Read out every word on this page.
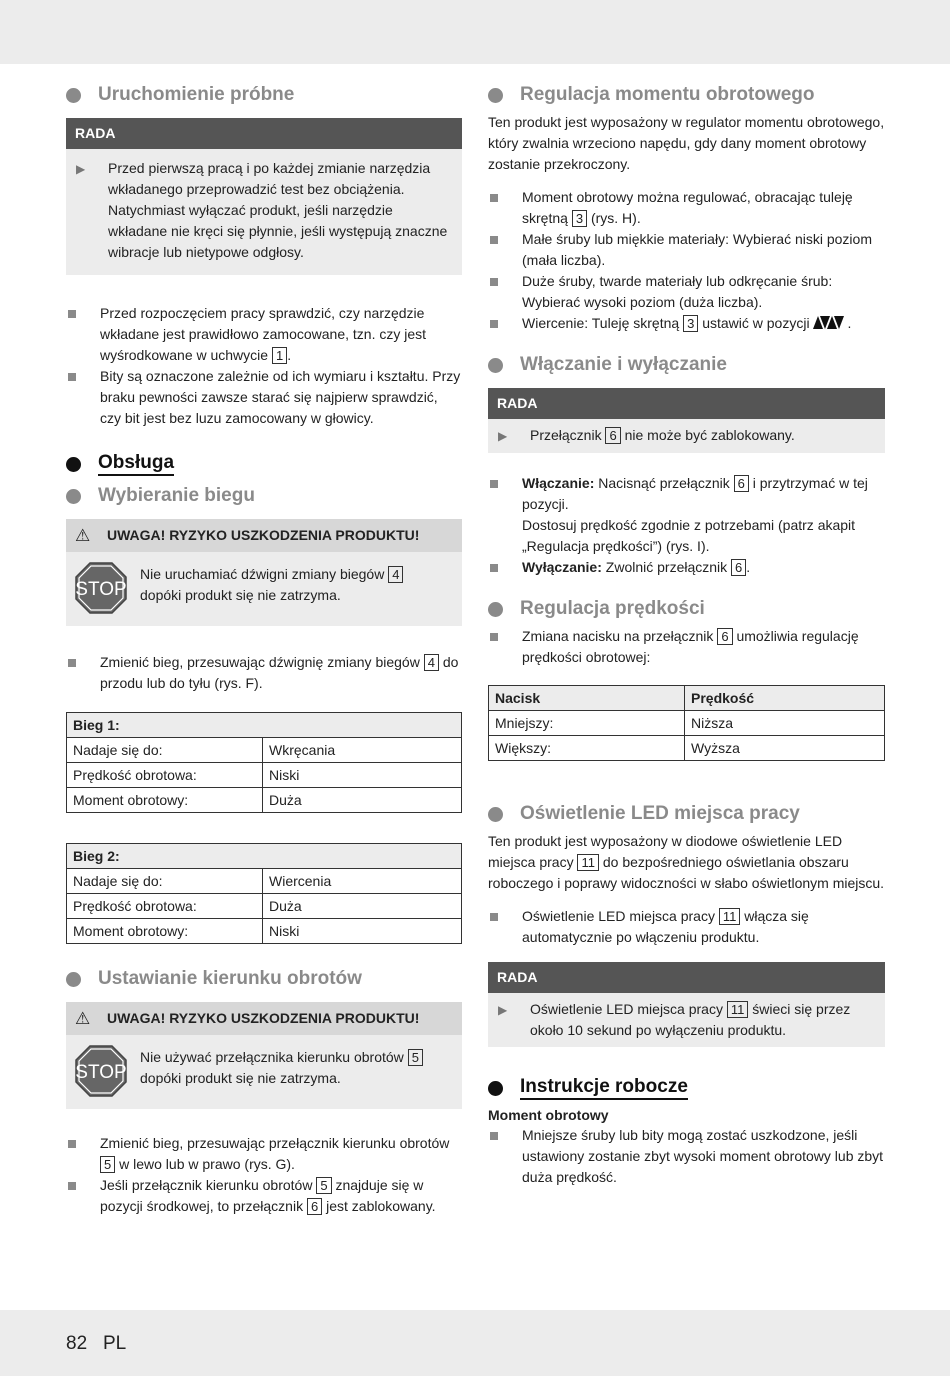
Uruchomienie próbne
RADA
▶	Przed pierwszą pracą i po każdej zmianie narzędzia wkładanego przeprowadzić test bez obciążenia. Natychmiast wyłączać produkt, jeśli narzędzie wkładane nie kręci się płynnie, jeśli występują znaczne wibracje lub nietypowe odgłosy.
Przed rozpoczęciem pracy sprawdzić, czy narzędzie wkładane jest prawidłowo zamocowane, tzn. czy jest wyśrodkowane w uchwycie 1 .
Bity są oznaczone zależnie od ich wymiaru i kształtu. Przy braku pewności zawsze starać się najpierw sprawdzić, czy bit jest bez luzu zamocowany w głowicy.
Obsługa
Wybieranie biegu
⚠	UWAGA! RYZYKO USZKODZENIA PRODUKTU!
STOP
Nie uruchamiać dźwigni zmiany biegów 4
dopóki produkt się nie zatrzyma.
Zmienić bieg, przesuwając dźwignię zmiany biegów 4 do przodu lub do tyłu (rys. F).
Bieg 1:	
Nadaje się do:	Wkręcania
Prędkość obrotowa:	Niski
Moment obrotowy:	Duża
Bieg 2:	
Nadaje się do:	Wiercenia
Prędkość obrotowa:	Duża
Moment obrotowy:	Niski
Ustawianie kierunku obrotów
⚠	UWAGA! RYZYKO USZKODZENIA PRODUKTU!
STOP
Nie używać przełącznika kierunku obrotów 5
dopóki produkt się nie zatrzyma.
Zmienić bieg, przesuwając przełącznik kierunku obrotów 5 w lewo lub w prawo (rys. G).
Jeśli przełącznik kierunku obrotów 5 znajduje się w pozycji środkowej, to przełącznik 6 jest zablokowany.
Regulacja momentu obrotowego

Ten produkt jest wyposażony w regulator momentu obrotowego, który zwalnia wrzeciono napędu, gdy dany moment obrotowy zostanie przekroczony.

Moment obrotowy można regulować, obracając tuleję skrętną 3 (rys. H).
Małe śruby lub miękkie materiały: Wybierać niski poziom (mała liczba).
Duże śruby, twarde materiały lub odkręcanie śrub: Wybierać wysoki poziom (duża liczba).
Wiercenie: Tuleję skrętną 3 ustawić w pozycji	.
Włączanie i wyłączanie
RADA
▶	Przełącznik 6 nie może być zablokowany.
Włączanie: Nacisnąć przełącznik 6 i przytrzymać w tej pozycji.
Dostosuj prędkość zgodnie z potrzebami (patrz akapit „Regulacja prędkości”) (rys. I).
Wyłączanie: Zwolnić przełącznik 6 .
Regulacja prędkości
Zmiana nacisku na przełącznik 6 umożliwia regulację prędkości obrotowej:
Nacisk	Prędkość
Mniejszy:	Niższa
Większy:	Wyższa
Oświetlenie LED miejsca pracy

Ten produkt jest wyposażony w diodowe oświetlenie LED miejsca pracy 11 do bezpośredniego oświetlania obszaru roboczego i poprawy widoczności w słabo oświetlonym miejscu.

Oświetlenie LED miejsca pracy 11 włącza się automatycznie po włączeniu produktu.
RADA
▶	Oświetlenie LED miejsca pracy 11 świeci się przez około 10 sekund po wyłączeniu produktu.
Instrukcje robocze
Moment obrotowy
Mniejsze śruby lub bity mogą zostać uszkodzone, jeśli ustawiony zostanie zbyt wysoki moment obrotowy lub zbyt duża prędkość.
82 PL
